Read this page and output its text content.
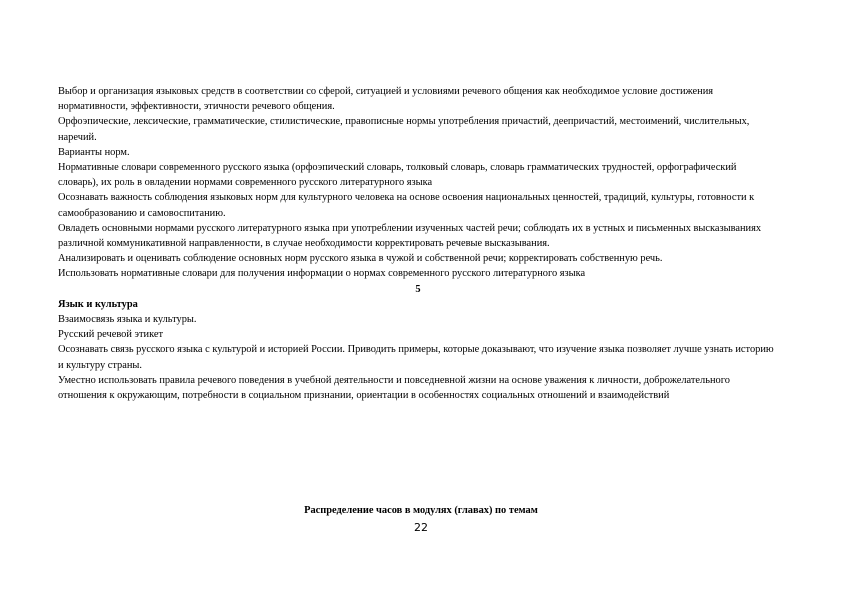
Выбор и организация языковых средств в соответствии со сферой, ситуацией и условиями речевого общения как необходимое условие достижения нормативности, эффективности, этичности речевого общения.

Орфоэпические, лексические, грамматические, стилистические, правописные нормы употребления причастий, деепричастий, местоимений, числительных, наречий.

Варианты норм.

Нормативные словари современного русского языка (орфоэпический словарь, толковый словарь, словарь грамматических трудностей, орфографический словарь), их роль в овладении нормами современного русского литературного языка

Осознавать важность соблюдения языковых норм для культурного человека на основе освоения национальных ценностей, традиций, культуры, готовности к самообразованию и самовоспитанию.

Овладеть основными нормами русского литературного языка при употреблении изученных частей речи; соблюдать их в устных и письменных высказываниях различной коммуникативной направленности, в случае необходимости корректировать речевые высказывания.

Анализировать и оценивать соблюдение основных норм русского языка в чужой и собственной речи; корректировать собственную речь.

Использовать нормативные словари для получения информации о нормах современного русского литературного языка

5

Язык и культура

Взаимосвязь языка и культуры.

Русский речевой этикет

Осознавать связь русского языка с культурой и историей России. Приводить примеры, которые доказывают, что изучение языка позволяет лучше узнать историю и культуру страны.

Уместно использовать правила речевого поведения в учебной деятельности и повседневной жизни на основе уважения к личности, доброжелательного отношения к окружающим, потребности в социальном признании, ориентации в особенностях социальных отношений и взаимодействий

Распределение часов в модулях (главах) по темам
22
